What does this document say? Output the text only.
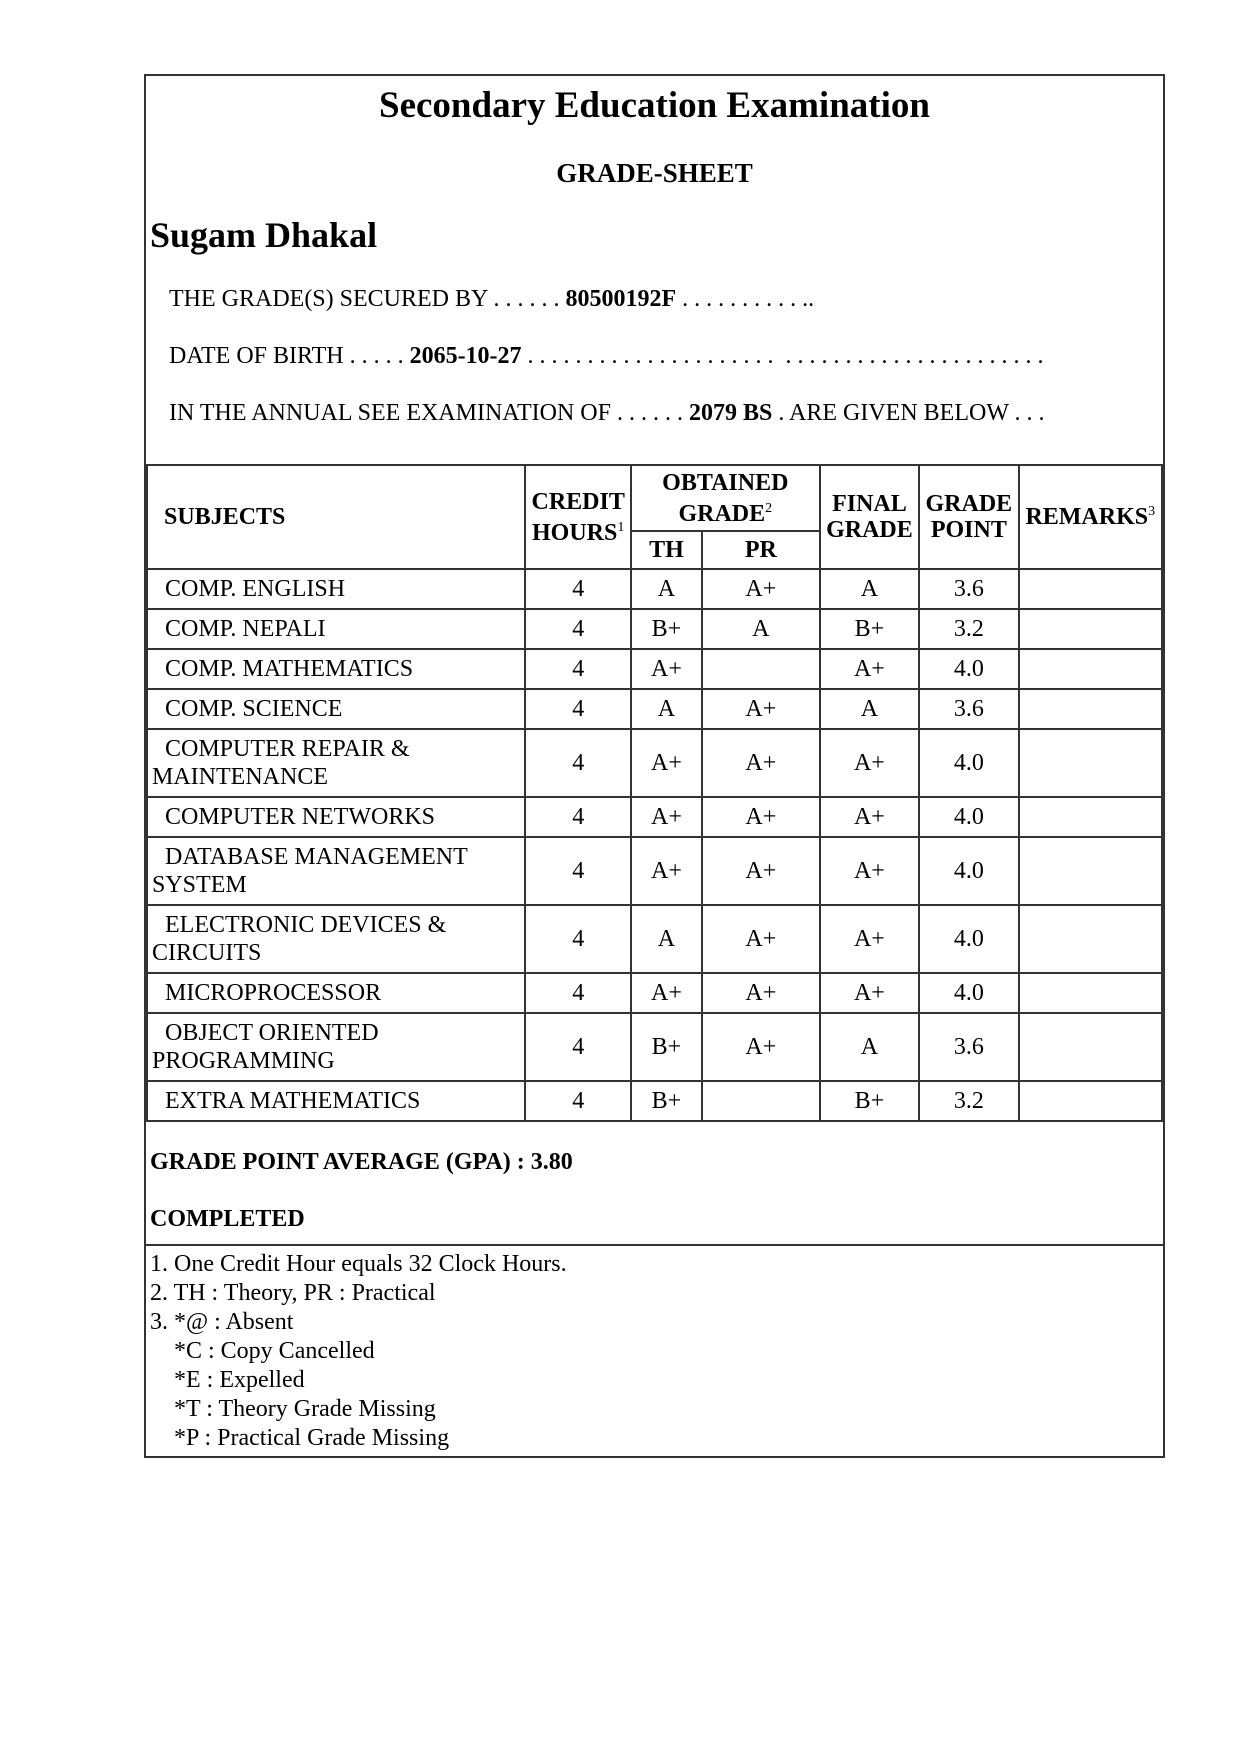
Secondary Education Examination
GRADE-SHEET
Sugam Dhakal
THE GRADE(S) SECURED BY . . . . . . 80500192F . . . . . . . . . . ..
DATE OF BIRTH . . . . . 2065-10-27 . . . . . . . . . . . . . . . . . . . . .  . . . . . . . . . . . . . . . . . . . . . .
IN THE ANNUAL SEE EXAMINATION OF . . . . . . 2079 BS . ARE GIVEN BELOW . . .
SUBJECTS	CREDIT HOURS$^1$	OBTAINED GRADE$^2$		FINAL GRADE	GRADE POINT	REMARKS$^3$
		TH	PR			

COMP. ENGLISH	4	A	A+	A	3.6	

COMP. NEPALI	4	B+	A	B+	3.2	

COMP. MATHEMATICS	4	A+		A+	4.0	

COMP. SCIENCE	4	A	A+	A	3.6	

COMPUTER REPAIR &
MAINTENANCE	4	A+	A+	A+	4.0	

COMPUTER NETWORKS	4	A+	A+	A+	4.0	

DATABASE MANAGEMENT
SYSTEM	4	A+	A+	A+	4.0	

ELECTRONIC DEVICES &
CIRCUITS	4	A	A+	A+	4.0	

MICROPROCESSOR	4	A+	A+	A+	4.0	

OBJECT ORIENTED
PROGRAMMING	4	B+	A+	A	3.6	

EXTRA MATHEMATICS	4	B+		B+	3.2	
GRADE POINT AVERAGE (GPA) : 3.80
COMPLETED
1. One Credit Hour equals 32 Clock Hours.
2. TH : Theory, PR : Practical
3. *@ : Absent
*C : Copy Cancelled
*E : Expelled
*T : Theory Grade Missing
*P : Practical Grade Missing
